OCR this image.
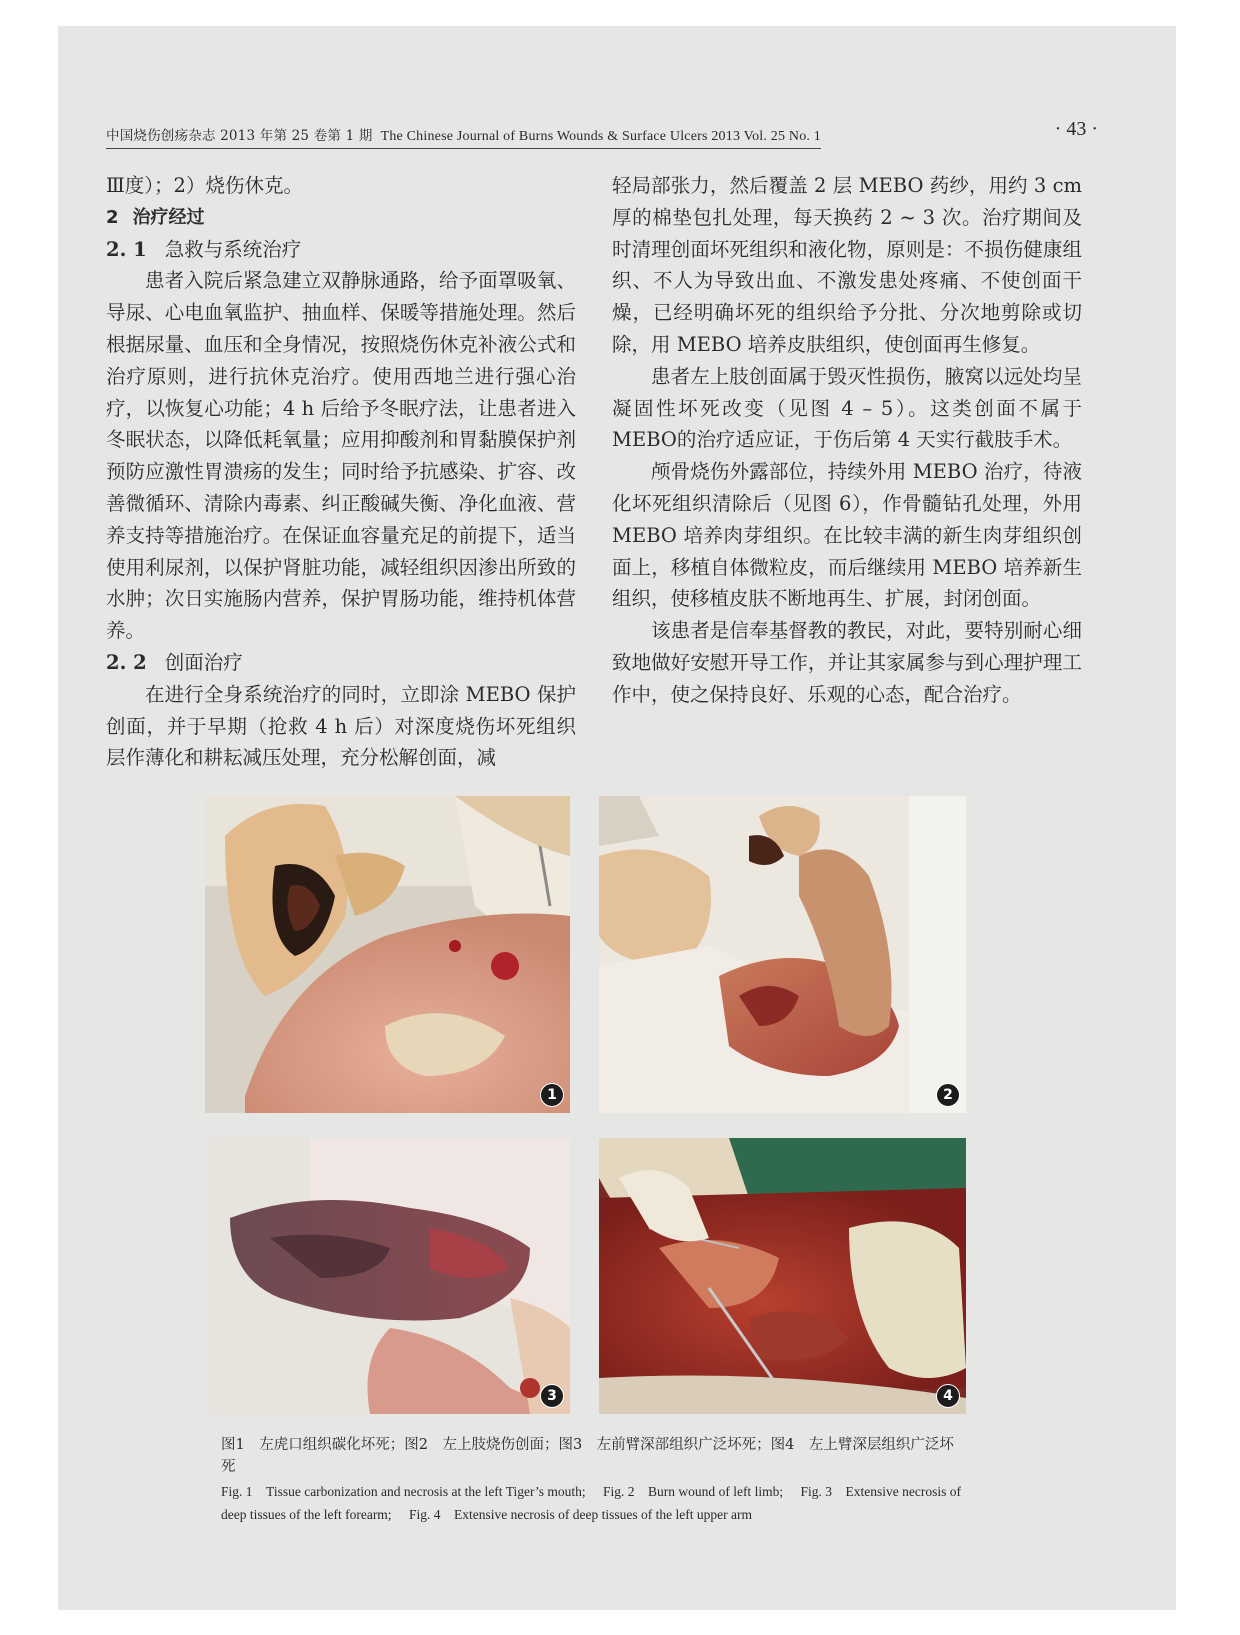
中国烧伤创疡杂志 2013 年第 25 卷第 1 期 The Chinese Journal of Burns Wounds & Surface Ulcers 2013 Vol. 25 No. 1	· 43 ·

Ⅲ度）；2）烧伤休克。

2 治疗经过

2. 1 急救与系统治疗

患者入院后紧急建立双静脉通路，给予面罩吸氧、导尿、心电血氧监护、抽血样、保暖等措施处理。然后根据尿量、血压和全身情况，按照烧伤休克补液公式和治疗原则，进行抗休克治疗。使用西地兰进行强心治疗，以恢复心功能；4 h 后给予冬眠疗法，让患者进入冬眠状态，以降低耗氧量；应用抑酸剂和胃黏膜保护剂预防应激性胃溃疡的发生；同时给予抗感染、扩容、改善微循环、清除内毒素、纠正酸碱失衡、净化血液、营养支持等措施治疗。在保证血容量充足的前提下，适当使用利尿剂，以保护肾脏功能，减轻组织因渗出所致的水肿；次日实施肠内营养，保护胃肠功能，维持机体营养。

2. 2 创面治疗

在进行全身系统治疗的同时，立即涂 MEBO 保护创面，并于早期（抢救 4 h 后）对深度烧伤坏死组织层作薄化和耕耘减压处理，充分松解创面，减

轻局部张力，然后覆盖 2 层 MEBO 药纱，用约 3 cm 厚的棉垫包扎处理，每天换药 2 ~ 3 次。治疗期间及时清理创面坏死组织和液化物，原则是：不损伤健康组织、不人为导致出血、不激发患处疼痛、不使创面干燥，已经明确坏死的组织给予分批、分次地剪除或切除，用 MEBO 培养皮肤组织，使创面再生修复。

患者左上肢创面属于毁灭性损伤，腋窝以远处均呈凝固性坏死改变（见图 4 – 5）。这类创面不属于MEBO的治疗适应证，于伤后第 4 天实行截肢手术。

颅骨烧伤外露部位，持续外用 MEBO 治疗，待液化坏死组织清除后（见图 6），作骨髓钻孔处理，外用 MEBO 培养肉芽组织。在比较丰满的新生肉芽组织创面上，移植自体微粒皮，而后继续用 MEBO 培养新生组织，使移植皮肤不断地再生、扩展，封闭创面。

该患者是信奉基督教的教民，对此，要特别耐心细致地做好安慰开导工作，并让其家属参与到心理护理工作中，使之保持良好、乐观的心态，配合治疗。

1	2
3	4
图1　左虎口组织碳化坏死；图2　左上肢烧伤创面；图3　左前臂深部组织广泛坏死；图4　左上臂深层组织广泛坏死
Fig. 1　Tissue carbonization and necrosis at the left Tiger’s mouth; Fig. 2　Burn wound of left limb; Fig. 3　Extensive necrosis of deep tissues of the left forearm; Fig. 4　Extensive necrosis of deep tissues of the left upper arm
